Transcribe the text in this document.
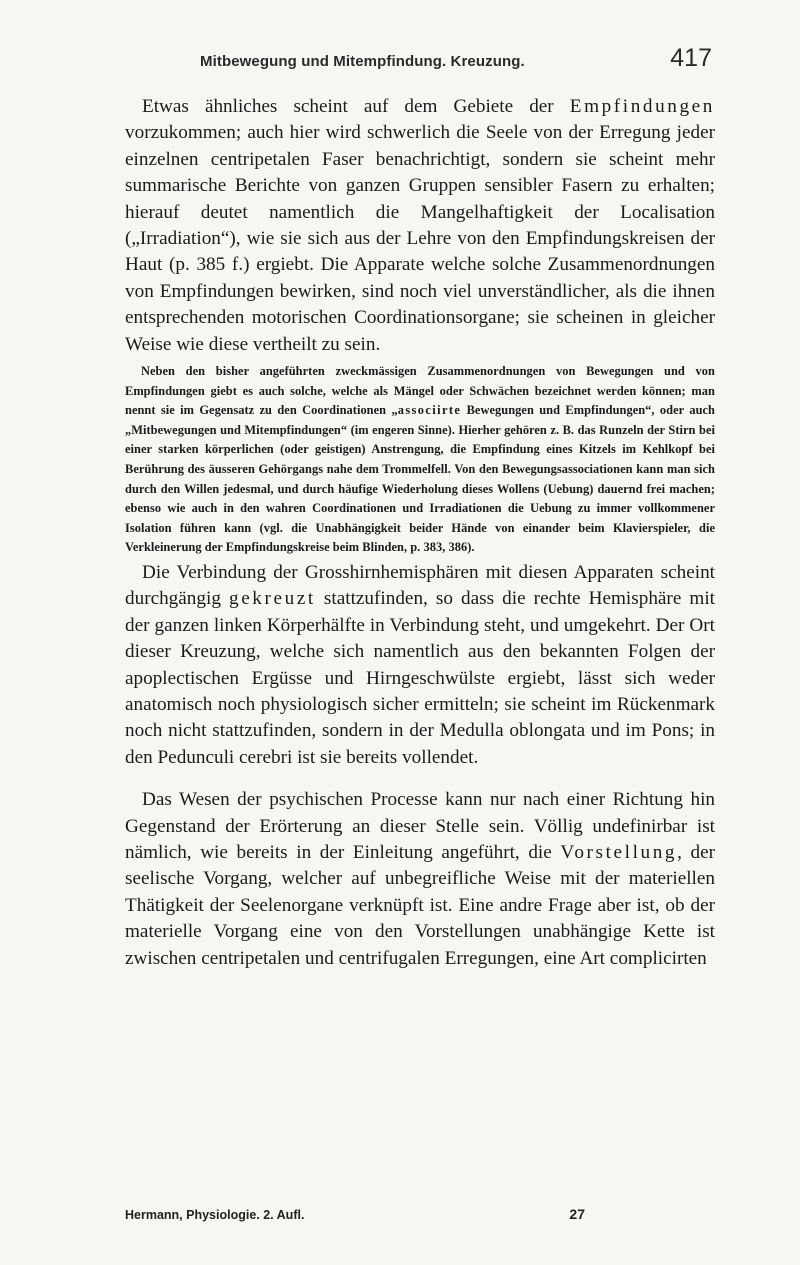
Mitbewegung und Mitempfindung. Kreuzung.	417

Etwas ähnliches scheint auf dem Gebiete der Empfindungen vorzukommen; auch hier wird schwerlich die Seele von der Erregung jeder einzelnen centripetalen Faser benachrichtigt, sondern sie scheint mehr summarische Berichte von ganzen Gruppen sensibler Fasern zu erhalten; hierauf deutet namentlich die Mangelhaftigkeit der Localisation („Irradiation“), wie sie sich aus der Lehre von den Empfindungskreisen der Haut (p. 385 f.) ergiebt. Die Apparate welche solche Zusammenordnungen von Empfindungen bewirken, sind noch viel unverständlicher, als die ihnen entsprechenden motorischen Coordinationsorgane; sie scheinen in gleicher Weise wie diese vertheilt zu sein.

Neben den bisher angeführten zweckmässigen Zusammenordnungen von Bewegungen und von Empfindungen giebt es auch solche, welche als Mängel oder Schwächen bezeichnet werden können; man nennt sie im Gegensatz zu den Coordinationen „associirte Bewegungen und Empfindungen“, oder auch „Mitbewegungen und Mitempfindungen“ (im engeren Sinne). Hierher gehören z. B. das Runzeln der Stirn bei einer starken körperlichen (oder geistigen) Anstrengung, die Empfindung eines Kitzels im Kehlkopf bei Berührung des äusseren Gehörgangs nahe dem Trommelfell. Von den Bewegungsassociationen kann man sich durch den Willen jedesmal, und durch häufige Wiederholung dieses Wollens (Uebung) dauernd frei machen; ebenso wie auch in den wahren Coordinationen und Irradiationen die Uebung zu immer vollkommener Isolation führen kann (vgl. die Unabhängigkeit beider Hände von einander beim Klavierspieler, die Verkleinerung der Empfindungskreise beim Blinden, p. 383, 386).

Die Verbindung der Grosshirnhemisphären mit diesen Apparaten scheint durchgängig gekreuzt stattzufinden, so dass die rechte Hemisphäre mit der ganzen linken Körperhälfte in Verbindung steht, und umgekehrt. Der Ort dieser Kreuzung, welche sich namentlich aus den bekannten Folgen der apoplectischen Ergüsse und Hirngeschwülste ergiebt, lässt sich weder anatomisch noch physiologisch sicher ermitteln; sie scheint im Rückenmark noch nicht stattzufinden, sondern in der Medulla oblongata und im Pons; in den Pedunculi cerebri ist sie bereits vollendet.

Das Wesen der psychischen Processe kann nur nach einer Richtung hin Gegenstand der Erörterung an dieser Stelle sein. Völlig undefinirbar ist nämlich, wie bereits in der Einleitung angeführt, die Vorstellung, der seelische Vorgang, welcher auf unbegreifliche Weise mit der materiellen Thätigkeit der Seelenorgane verknüpft ist. Eine andre Frage aber ist, ob der materielle Vorgang eine von den Vorstellungen unabhängige Kette ist zwischen centripetalen und centrifugalen Erregungen, eine Art complicirten

Hermann, Physiologie. 2. Aufl.	27
